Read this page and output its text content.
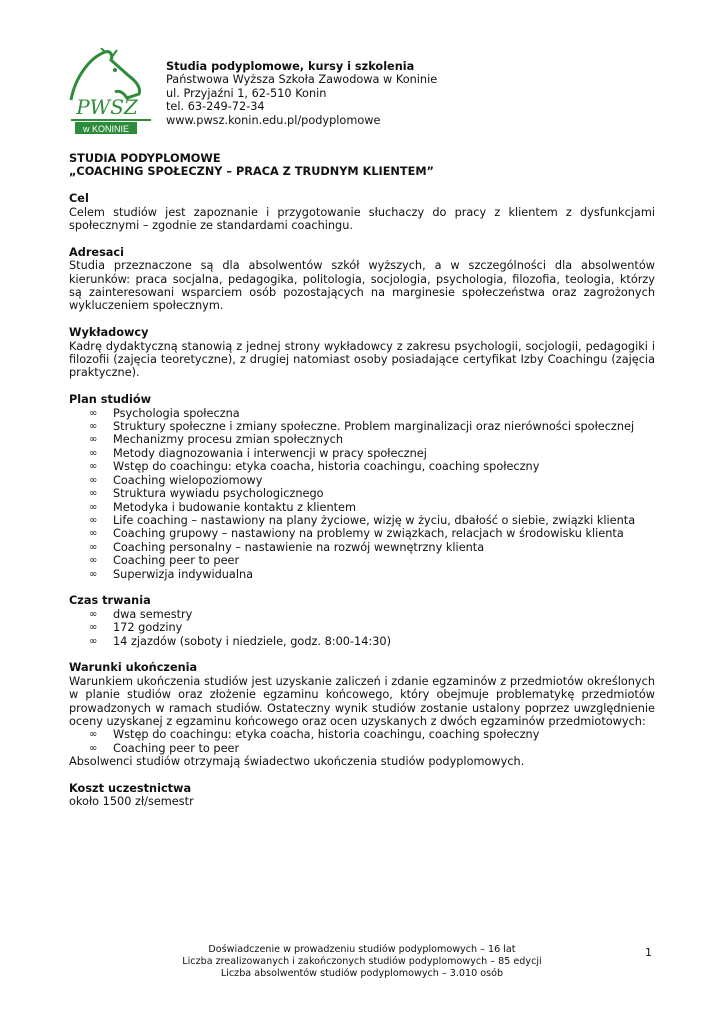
PWSZ
w KONINIE
Studia podyplomowe, kursy i szkolenia
Państwowa Wyższa Szkoła Zawodowa w Koninie
ul. Przyjaźni 1, 62-510 Konin
tel. 63-249-72-34
www.pwsz.konin.edu.pl/podyplomowe
STUDIA PODYPLOMOWE
„COACHING SPOŁECZNY – PRACA Z TRUDNYM KLIENTEM”
Cel
Celem studiów jest zapoznanie i przygotowanie słuchaczy do pracy z klientem z dysfunkcjami społecznymi – zgodnie ze standardami coachingu.
Adresaci
Studia przeznaczone są dla absolwentów szkół wyższych, a w szczególności dla absolwentów kierunków: praca socjalna, pedagogika, politologia, socjologia, psychologia, filozofia, teologia, którzy są zainteresowani wsparciem osób pozostających na marginesie społeczeństwa oraz zagrożonych wykluczeniem społecznym.
Wykładowcy
Kadrę dydaktyczną stanowią z jednej strony wykładowcy z zakresu psychologii, socjologii, pedagogiki i filozofii (zajęcia teoretyczne), z drugiej natomiast osoby posiadające certyfikat Izby Coachingu (zajęcia praktyczne).
Plan studiów
∞ Psychologia społeczna
∞ Struktury społeczne i zmiany społeczne. Problem marginalizacji oraz nierówności społecznej
∞ Mechanizmy procesu zmian społecznych
∞ Metody diagnozowania i interwencji w pracy społecznej
∞ Wstęp do coachingu: etyka coacha, historia coachingu, coaching społeczny
∞ Coaching wielopoziomowy
∞ Struktura wywiadu psychologicznego
∞ Metodyka i budowanie kontaktu z klientem
∞ Life coaching – nastawiony na plany życiowe, wizję w życiu, dbałość o siebie, związki klienta
∞ Coaching grupowy – nastawiony na problemy w związkach, relacjach w środowisku klienta
∞ Coaching personalny – nastawienie na rozwój wewnętrzny klienta
∞ Coaching peer to peer
∞ Superwizja indywidualna
Czas trwania
∞ dwa semestry
∞ 172 godziny
∞ 14 zjazdów (soboty i niedziele, godz. 8:00-14:30)
Warunki ukończenia
Warunkiem ukończenia studiów jest uzyskanie zaliczeń i zdanie egzaminów z przedmiotów określonych w planie studiów oraz złożenie egzaminu końcowego, który obejmuje problematykę przedmiotów prowadzonych w ramach studiów. Ostateczny wynik studiów zostanie ustalony poprzez uwzględnienie oceny uzyskanej z egzaminu końcowego oraz ocen uzyskanych z dwóch egzaminów przedmiotowych:
∞ Wstęp do coachingu: etyka coacha, historia coachingu, coaching społeczny
∞ Coaching peer to peer
Absolwenci studiów otrzymają świadectwo ukończenia studiów podyplomowych.
Koszt uczestnictwa
około 1500 zł/semestr
Doświadczenie w prowadzeniu studiów podyplomowych – 16 lat
Liczba zrealizowanych i zakończonych studiów podyplomowych – 85 edycji
Liczba absolwentów studiów podyplomowych – 3.010 osób
1
